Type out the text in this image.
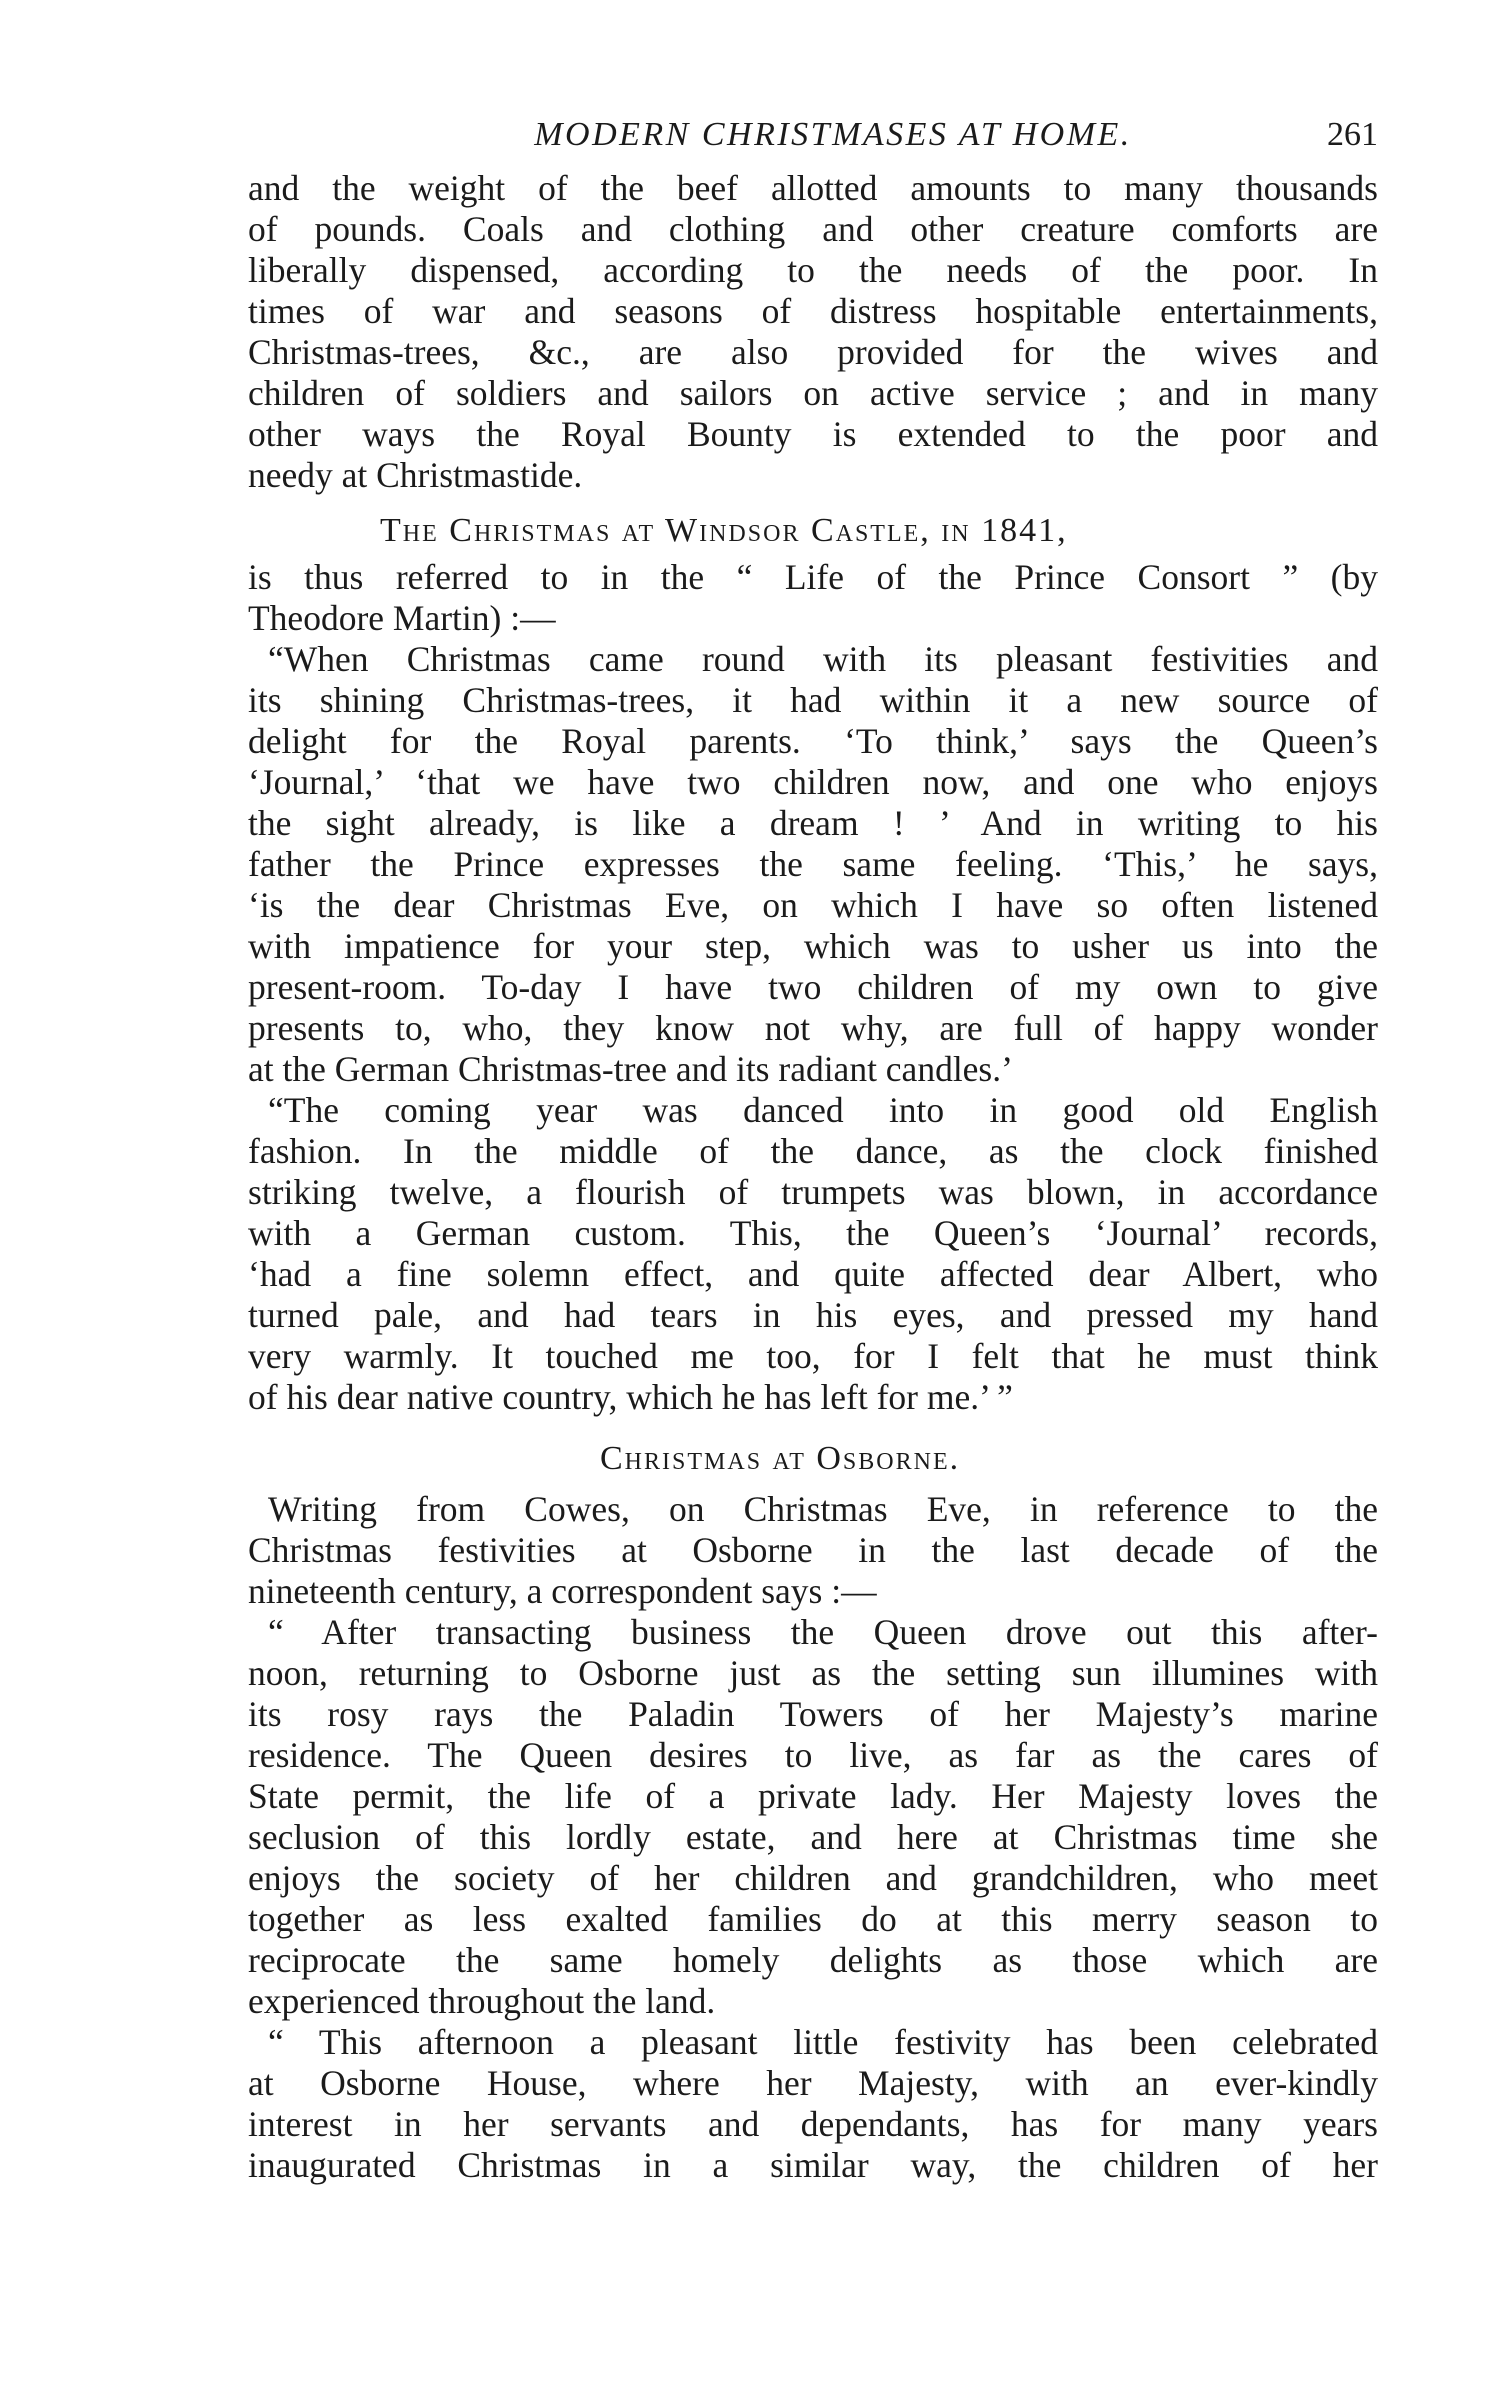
MODERN CHRISTMASES AT HOME.	261

and the weight of the beef allotted amounts to many thousands
of pounds. Coals and clothing and other creature comforts are
liberally dispensed, according to the needs of the poor. In
times of war and seasons of distress hospitable entertainments,
Christmas-trees, &c., are also provided for the wives and
children of soldiers and sailors on active service ; and in many
other ways the Royal Bounty is extended to the poor and
needy at Christmastide.

The Christmas at Windsor Castle, in 1841,

is thus referred to in the “ Life of the Prince Consort ” (by
Theodore Martin) :—

“When Christmas came round with its pleasant festivities and
its shining Christmas-trees, it had within it a new source of
delight for the Royal parents. ‘To think,’ says the Queen’s
‘Journal,’ ‘that we have two children now, and one who enjoys
the sight already, is like a dream ! ’ And in writing to his
father the Prince expresses the same feeling. ‘This,’ he says,
‘is the dear Christmas Eve, on which I have so often listened
with impatience for your step, which was to usher us into the
present-room. To-day I have two children of my own to give
presents to, who, they know not why, are full of happy wonder
at the German Christmas-tree and its radiant candles.’

“The coming year was danced into in good old English
fashion. In the middle of the dance, as the clock finished
striking twelve, a flourish of trumpets was blown, in accordance
with a German custom. This, the Queen’s ‘Journal’ records,
‘had a fine solemn effect, and quite affected dear Albert, who
turned pale, and had tears in his eyes, and pressed my hand
very warmly. It touched me too, for I felt that he must think
of his dear native country, which he has left for me.’ ”

Christmas at Osborne.

Writing from Cowes, on Christmas Eve, in reference to the
Christmas festivities at Osborne in the last decade of the
nineteenth century, a correspondent says :—

“ After transacting business the Queen drove out this after-
noon, returning to Osborne just as the setting sun illumines with
its rosy rays the Paladin Towers of her Majesty’s marine
residence. The Queen desires to live, as far as the cares of
State permit, the life of a private lady. Her Majesty loves the
seclusion of this lordly estate, and here at Christmas time she
enjoys the society of her children and grandchildren, who meet
together as less exalted families do at this merry season to
reciprocate the same homely delights as those which are
experienced throughout the land.

“ This afternoon a pleasant little festivity has been celebrated
at Osborne House, where her Majesty, with an ever-kindly
interest in her servants and dependants, has for many years
inaugurated Christmas in a similar way, the children of her
